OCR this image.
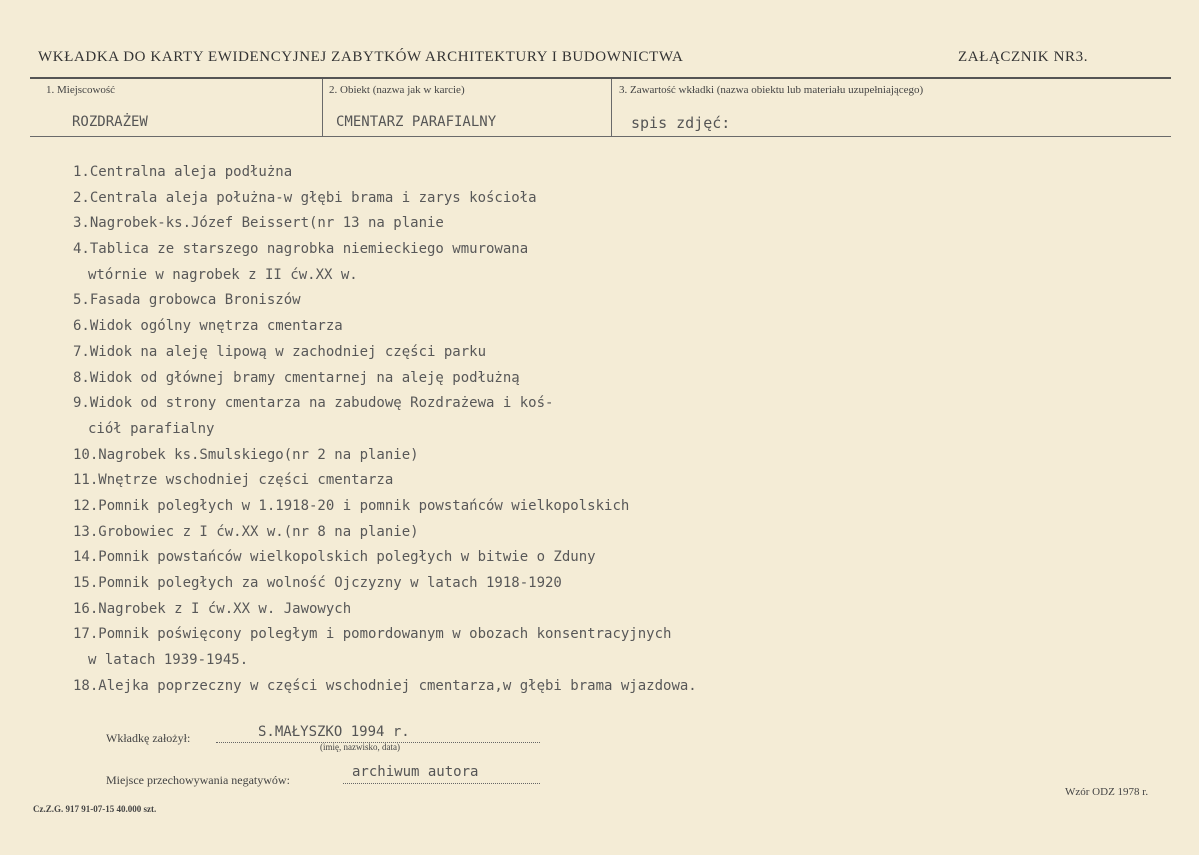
WKŁADKA DO KARTY EWIDENCYJNEJ ZABYTKÓW ARCHITEKTURY I BUDOWNICTWA	ZAŁĄCZNIK NR3.
1. Miejscowość
ROZDRAŻEW
2. Obiekt (nazwa jak w karcie)
CMENTARZ PARAFIALNY
3. Zawartość wkładki (nazwa obiektu lub materiału uzupełniającego)
spis zdjęć:
1.Centralna aleja podłużna
2.Centrala aleja połużna-w głębi brama i zarys kościoła
3.Nagrobek-ks.Józef Beissert(nr 13 na planie
4.Tablica ze starszego nagrobka niemieckiego wmurowana
wtórnie w nagrobek z II ćw.XX w.
5.Fasada grobowca Broniszów
6.Widok ogólny wnętrza cmentarza
7.Widok na aleję lipową w zachodniej części parku
8.Widok od głównej bramy cmentarnej na aleję podłużną
9.Widok od strony cmentarza na zabudowę Rozdrażewa i koś-
ciół parafialny
10.Nagrobek ks.Smulskiego(nr 2 na planie)
11.Wnętrze wschodniej części cmentarza
12.Pomnik poległych w 1.1918-20 i pomnik powstańców wielkopolskich
13.Grobowiec z I ćw.XX w.(nr 8 na planie)
14.Pomnik powstańców wielkopolskich poległych w bitwie o Zduny
15.Pomnik poległych za wolność Ojczyzny w latach 1918-1920
16.Nagrobek z I ćw.XX w. Jawowych
17.Pomnik poświęcony poległym i pomordowanym w obozach konsentracyjnych
w latach 1939-1945.
18.Alejka poprzeczny w części wschodniej cmentarza,w głębi brama wjazdowa.
Wkładkę założył:	S.MAŁYSZKO 1994 r.
(imię, nazwisko, data)
Miejsce przechowywania negatywów:	archiwum autora
Cz.Z.G. 917 91-07-15 40.000 szt.
Wzór ODZ 1978 r.
